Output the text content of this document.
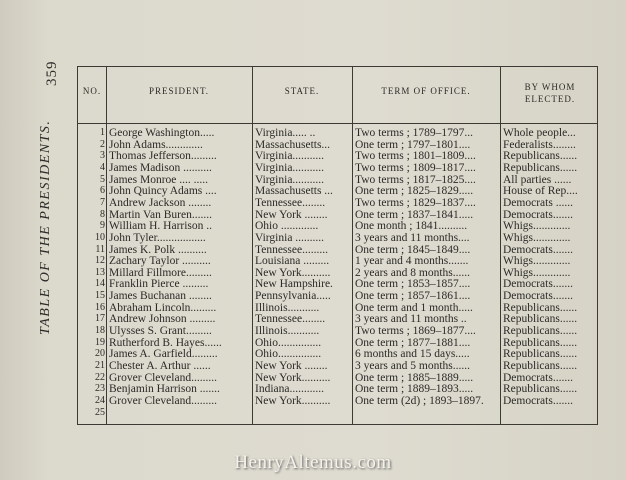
359
TABLE OF THE PRESIDENTS.
NO.	PRESIDENT.	STATE.	TERM OF OFFICE.	BY WHOM ELECTED.
1 George Washington.....	Virginia..... ..	Two terms ; 1789–1797...	Whole people...
2 John Adams.............	Massachusetts...	One term ; 1797–1801....	Federalists........
3 Thomas Jefferson.........	Virginia...........	Two terms ; 1801–1809....	Republicans......
4 James Madison ..........	Virginia...........	Two terms ; 1809–1817....	Republicans......
5 James Monroe .... .....	Virginia...........	Two terms ; 1817–1825....	All parties ......
6 John Quincy Adams ....	Massachusetts ...	One term ; 1825–1829.....	House of Rep....
7 Andrew Jackson ........	Tennessee........	Two terms ; 1829–1837....	Democrats ......
8 Martin Van Buren.......	New York ........	One term ; 1837–1841.....	Democrats.......
9 William H. Harrison ..	Ohio .............	One month ; 1841..........	Whigs.............
10 John Tyler.................	Virginia ..........	3 years and 11 months....	Whigs.............
11 James K. Polk ..........	Tennessee.........	One term ; 1845–1849....	Democrats.......
12 Zachary Taylor ..........	Louisiana .........	1 year and 4 months.......	Whigs.............
13 Millard Fillmore.........	New York..........	2 years and 8 months......	Whigs.............
14 Franklin Pierce .........	New Hampshire.	One term ; 1853–1857....	Democrats.......
15 James Buchanan ........	Pennsylvania.....	One term ; 1857–1861....	Democrats.......
16 Abraham Lincoln.........	Illinois...........	One term and 1 month.....	Republicans......
17 Andrew Johnson .........	Tennessee........	3 years and 11 months ..	Republicans......
18 Ulysses S. Grant.........	Illinois...........	Two terms ; 1869–1877....	Republicans......
19 Rutherford B. Hayes......	Ohio...............	One term ; 1877–1881....	Republicans......
20 James A. Garfield.........	Ohio...............	6 months and 15 days.....	Republicans......
21 Chester A. Arthur ......	New York ........	3 years and 5 months......	Republicans......
22 Grover Cleveland.........	New York..........	One term ; 1885–1889.....	Democrats.......
23 Benjamin Harrison .......	Indiana............	One term ; 1889–1893.....	Republicans......
24 Grover Cleveland.........	New York..........	One term (2d) ; 1893–1897.	Democrats.......
25
HenryAltemus.com
